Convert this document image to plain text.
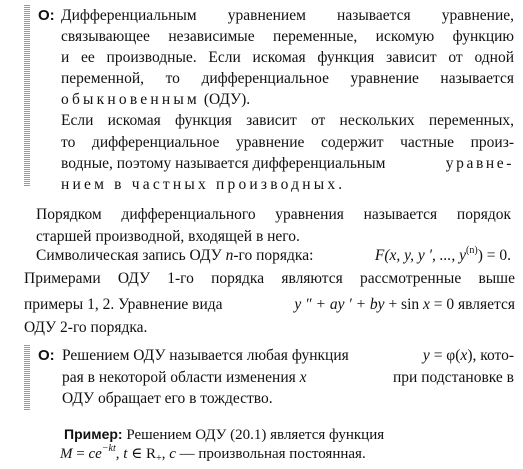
О: Дифференциальным уравнением называется уравнение,
связывающее независимые переменные, искомую функцию
и ее производные. Если искомая функция зависит от одной
переменной, то дифференциальное уравнение называется
обыкновенным (ОДУ).
Если искомая функция зависит от нескольких переменных,
то дифференциальное уравнение содержит частные произ-
водные, поэтому называется дифференциальным	уравне-
нием в частных производных.
Порядком дифференциального уравнения называется порядок
старшей производной, входящей в него.
Символическая запись ОДУ n-го порядка:	F(x, y, y ′, ..., $y^{(n)}) = 0$.
Примерами ОДУ 1-го порядка являются рассмотренные выше
примеры 1, 2. Уравнение вида	y ″ + ay ′ + by + sin x = 0 является
ОДУ 2-го порядка.
О: Решением ОДУ называется любая функция	y = φ(x), кото-
рая в некоторой области изменения x	при подстановке в
ОДУ обращает его в тождество.
Пример: Решением ОДУ (20.1) является функция
$M = ce^{-kt}$, t ∈ $R_+$, c — произвольная постоянная.
